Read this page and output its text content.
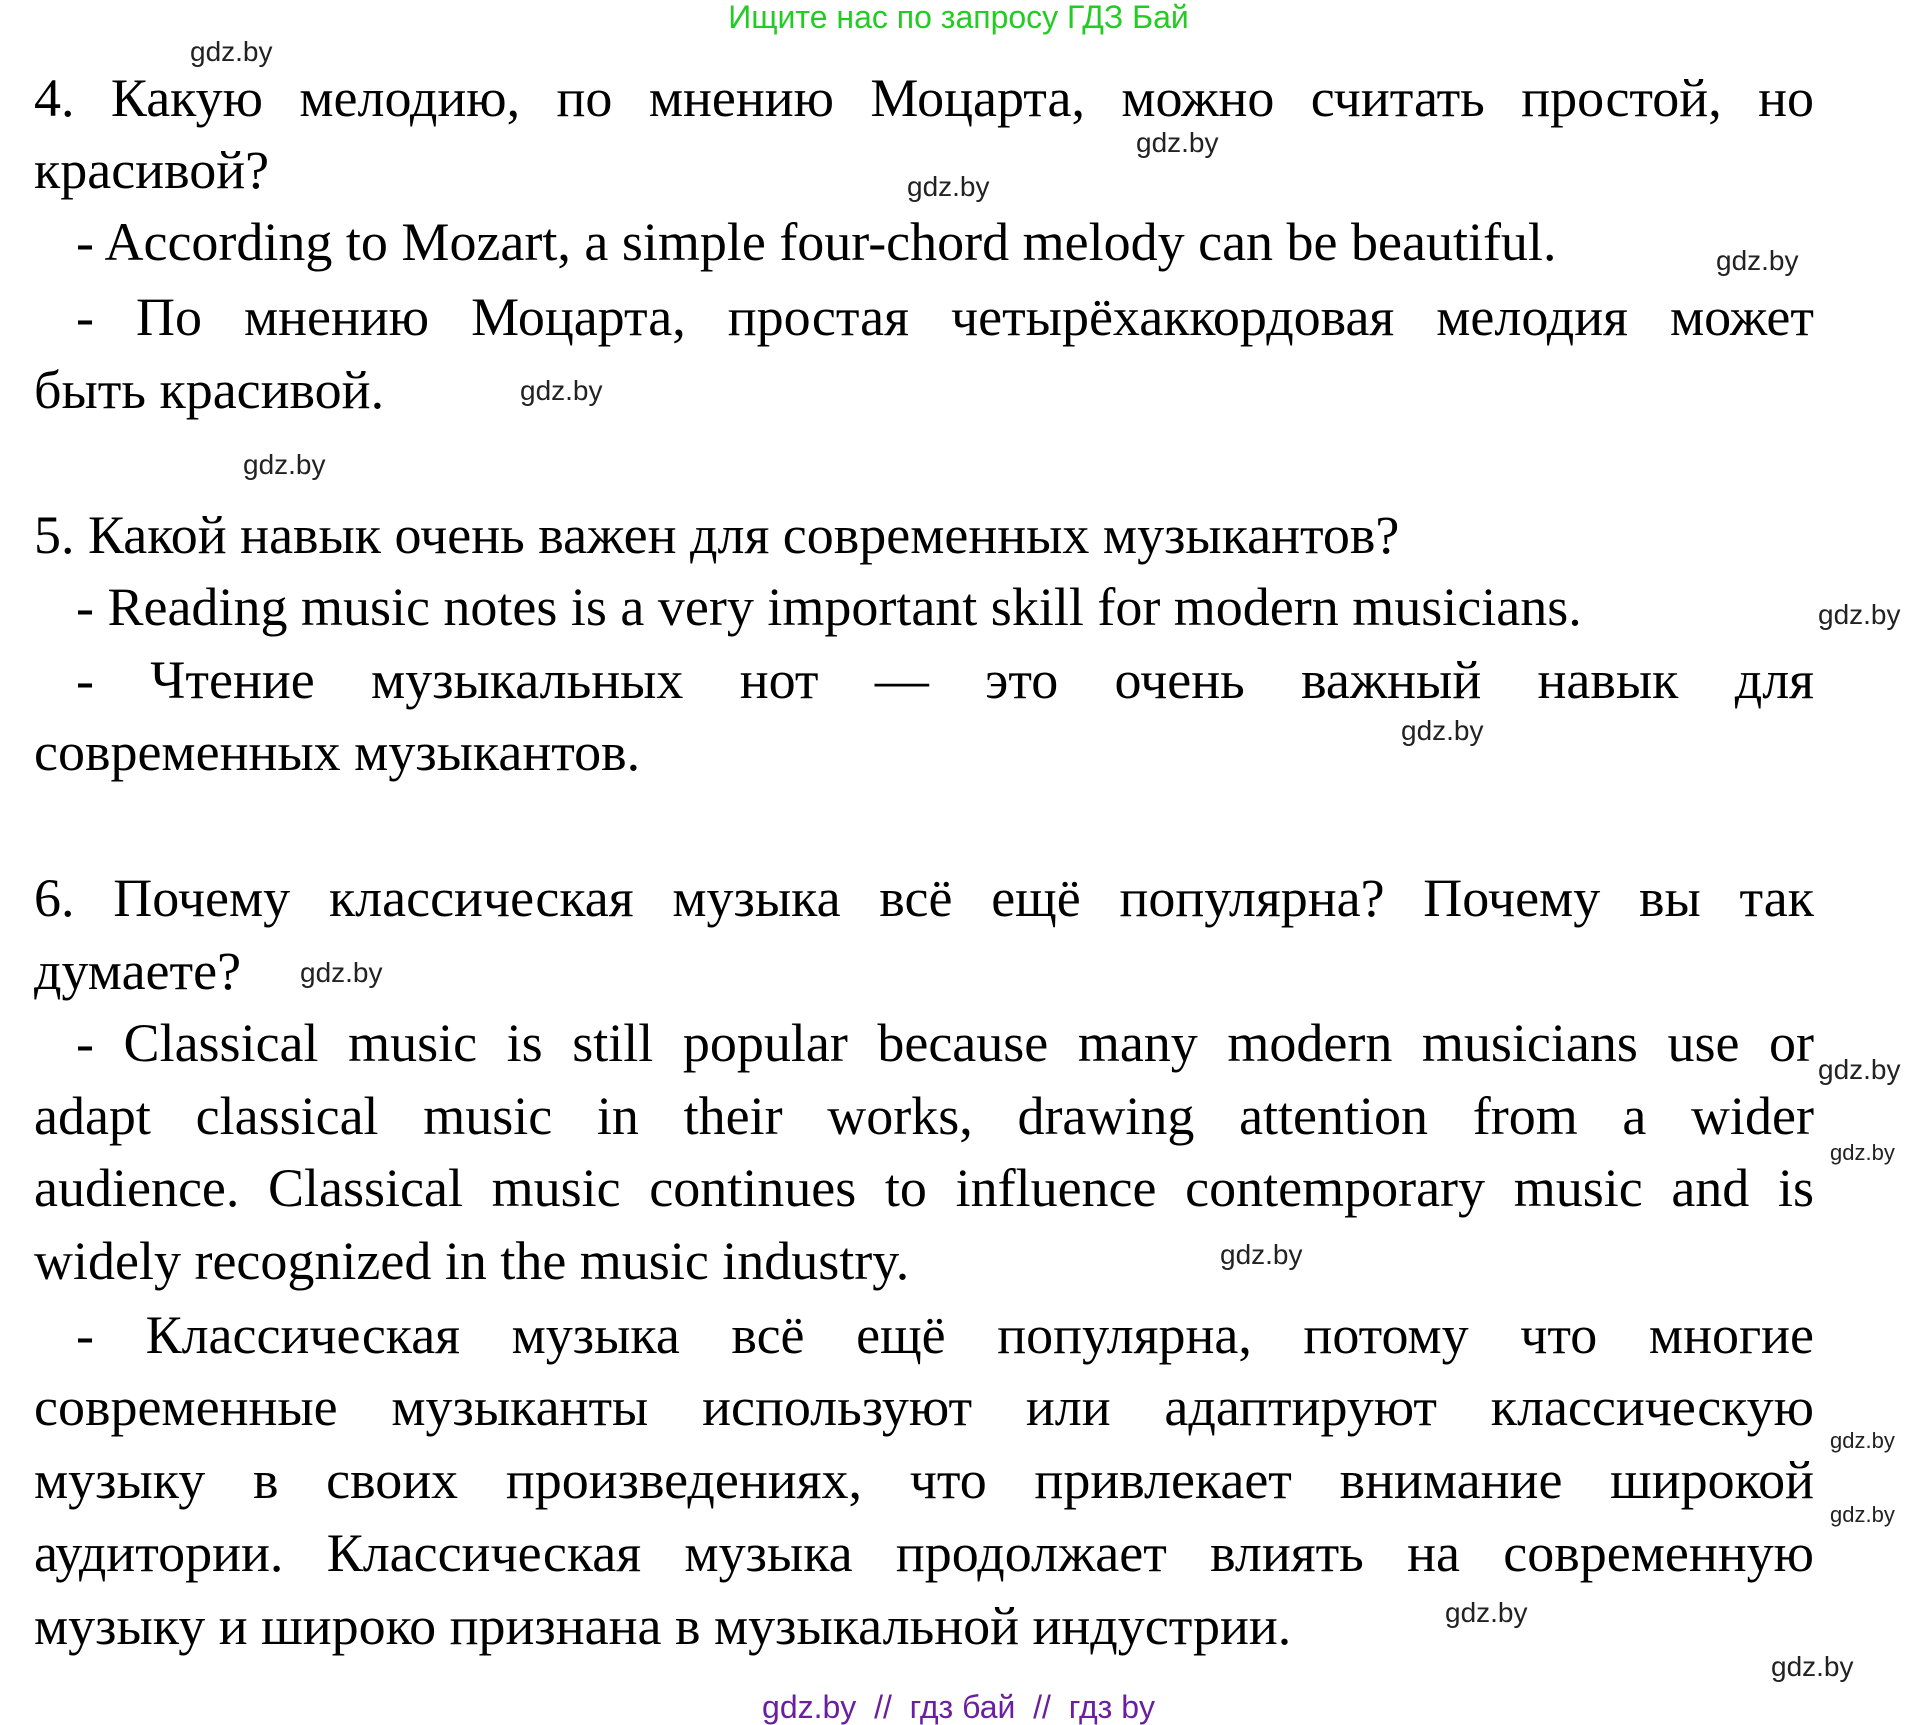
Ищите нас по запросу ГДЗ Бай
4. Какую мелодию, по мнению Моцарта, можно считать простой, но
красивой?
- According to Mozart, a simple four-chord melody can be beautiful.
- По мнению Моцарта, простая четырёхаккордовая мелодия может
быть красивой.
5. Какой навык очень важен для современных музыкантов?
- Reading music notes is a very important skill for modern musicians.
- Чтение музыкальных нот — это очень важный навык для
современных музыкантов.
6. Почему классическая музыка всё ещё популярна? Почему вы так
думаете?
- Classical music is still popular because many modern musicians use or
adapt classical music in their works, drawing attention from a wider
audience. Classical music continues to influence contemporary music and is
widely recognized in the music industry.
- Классическая музыка всё ещё популярна, потому что многие
современные музыканты используют или адаптируют классическую
музыку в своих произведениях, что привлекает внимание широкой
аудитории. Классическая музыка продолжает влиять на современную
музыку и широко признана в музыкальной индустрии.
gdz.by
gdz.by
gdz.by
gdz.by
gdz.by
gdz.by
gdz.by
gdz.by
gdz.by
gdz.by
gdz.by
gdz.by
gdz.by
gdz.by
gdz.by
gdz.by
gdz.by  //  гдз бай  //  гдз by
